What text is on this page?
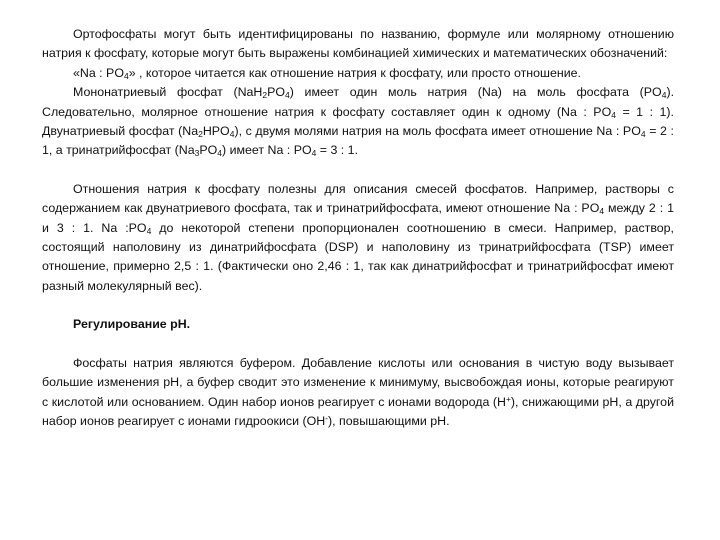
Ортофосфаты могут быть идентифицированы по названию, формуле или молярному отношению натрия к фосфату, которые могут быть выражены комбинацией химических и математических обозначений:

«Na : $PO_4$» , которое читается как отношение натрия к фосфату, или просто отношение.

Мононатриевый фосфат $(NaH_2PO_4)$ имеет один моль натрия (Na) на моль фосфата $(PO_4)$. Следовательно, молярное отношение натрия к фосфату составляет один к одному (Na : $PO_4 = 1$ : 1). Двунатриевый фосфат $(Na_2HPO_4)$, с двумя молями натрия на моль фосфата имеет отношение Na : $PO_4 = 2$ : 1, а тринатрийфосфат $(Na_3PO_4)$ имеет Na : $PO_4 = 3$ : 1.

Отношения натрия к фосфату полезны для описания смесей фосфатов. Например, растворы с содержанием как двунатриевого фосфата, так и тринатрийфосфата, имеют отношение Na : $PO_4$ между 2 : 1 и 3 : 1. Na $:PO_4$ до некоторой степени пропорционален соотношению в смеси. Например, раствор, состоящий наполовину из динатрийфосфата (DSP) и наполовину из тринатрийфосфата (TSP) имеет отношение, примерно 2,5 : 1. (Фактически оно 2,46 : 1, так как динатрийфосфат и тринатрийфосфат имеют разный молекулярный вес).

Регулирование pH.

Фосфаты натрия являются буфером. Добавление кислоты или основания в чистую воду вызывает большие изменения pH, а буфер сводит это изменение к минимуму, высвобождая ионы, которые реагируют с кислотой или основанием. Один набор ионов реагирует с ионами водорода (H+), снижающими pH, а другой набор ионов реагирует с ионами гидроокиси (OH-), повышающими pH.
